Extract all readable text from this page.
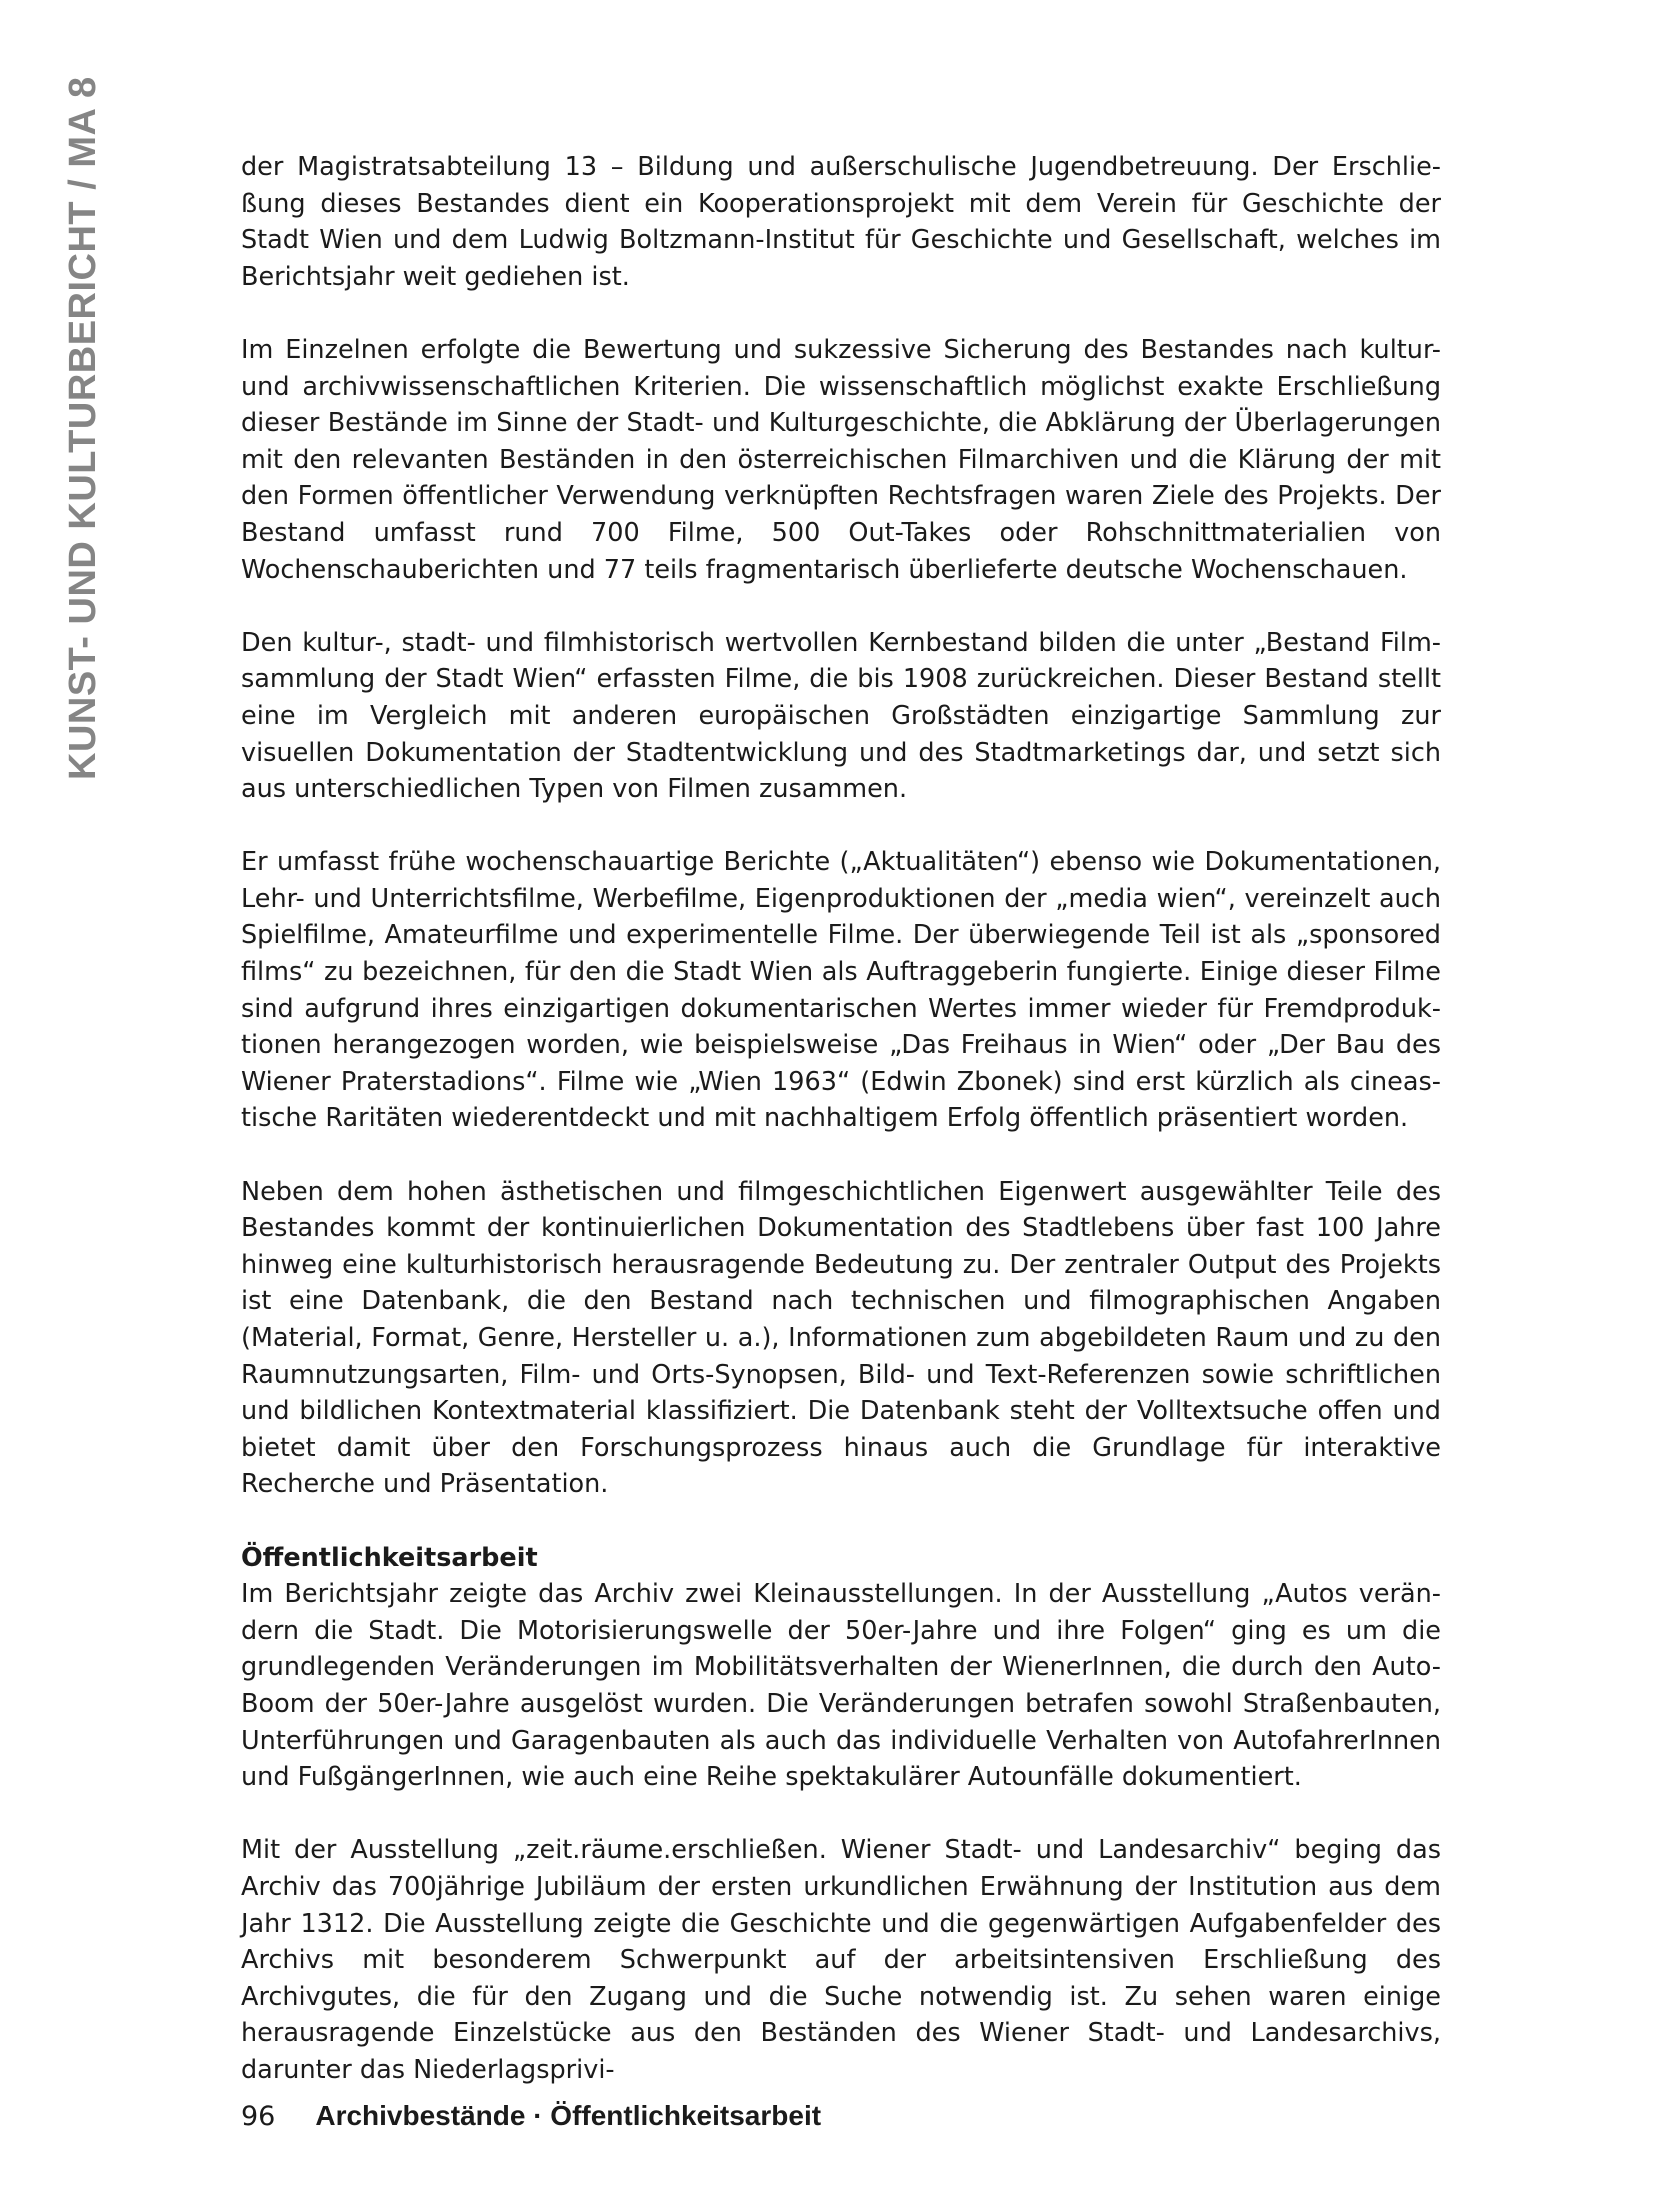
KUNST- UND KULTURBERICHT / MA 8	der Magistratsabteilung 13 – Bildung und außerschulische Jugendbetreuung. Der Erschließung dieses Bestandes dient ein Kooperationsprojekt mit dem Verein für Geschichte der Stadt Wien und dem Ludwig Boltzmann-Institut für Geschichte und Gesellschaft, welches im Berichtsjahr weit gediehen ist.

Im Einzelnen erfolgte die Bewertung und sukzessive Sicherung des Bestandes nach kultur- und archivwissenschaftlichen Kriterien. Die wissenschaftlich möglichst exakte Erschließung dieser Bestände im Sinne der Stadt- und Kulturgeschichte, die Abklärung der Überlagerungen mit den relevanten Beständen in den österreichischen Filmarchiven und die Klärung der mit den Formen öffentlicher Verwendung verknüpften Rechtsfragen waren Ziele des Projekts. Der Bestand umfasst rund 700 Filme, 500 Out-Takes oder Rohschnittmaterialien von Wochenschauberichten und 77 teils fragmentarisch überlieferte deutsche Wochenschauen.

Den kultur-, stadt- und filmhistorisch wertvollen Kernbestand bilden die unter „Bestand Filmsammlung der Stadt Wien“ erfassten Filme, die bis 1908 zurückreichen. Dieser Bestand stellt eine im Vergleich mit anderen europäischen Großstädten einzigartige Sammlung zur visuellen Dokumentation der Stadtentwicklung und des Stadtmarketings dar, und setzt sich aus unterschiedlichen Typen von Filmen zusammen.

Er umfasst frühe wochenschauartige Berichte („Aktualitäten“) ebenso wie Dokumentationen, Lehr- und Unterrichtsfilme, Werbefilme, Eigenproduktionen der „media wien“, vereinzelt auch Spielfilme, Amateurfilme und experimentelle Filme. Der überwiegende Teil ist als „sponsored films“ zu bezeichnen, für den die Stadt Wien als Auftraggeberin fungierte. Einige dieser Filme sind aufgrund ihres einzigartigen dokumentarischen Wertes immer wieder für Fremdproduktionen herangezogen worden, wie beispielsweise „Das Freihaus in Wien“ oder „Der Bau des Wiener Praterstadions“. Filme wie „Wien 1963“ (Edwin Zbonek) sind erst kürzlich als cineastische Raritäten wiederentdeckt und mit nachhaltigem Erfolg öffentlich präsentiert worden.

Neben dem hohen ästhetischen und filmgeschichtlichen Eigenwert ausgewählter Teile des Bestandes kommt der kontinuierlichen Dokumentation des Stadtlebens über fast 100 Jahre hinweg eine kulturhistorisch herausragende Bedeutung zu. Der zentraler Output des Projekts ist eine Datenbank, die den Bestand nach technischen und filmographischen Angaben (Material, Format, Genre, Hersteller u. a.), Informationen zum abgebildeten Raum und zu den Raumnutzungsarten, Film- und Orts-Synopsen, Bild- und Text-Referenzen sowie schriftlichen und bildlichen Kontextmaterial klassifiziert. Die Datenbank steht der Volltextsuche offen und bietet damit über den Forschungsprozess hinaus auch die Grundlage für interaktive Recherche und Präsentation.

Öffentlichkeitsarbeit

Im Berichtsjahr zeigte das Archiv zwei Kleinausstellungen. In der Ausstellung „Autos verändern die Stadt. Die Motorisierungswelle der 50er-Jahre und ihre Folgen“ ging es um die grundlegenden Veränderungen im Mobilitätsverhalten der WienerInnen, die durch den Auto-Boom der 50er-Jahre ausgelöst wurden. Die Veränderungen betrafen sowohl Straßenbauten, Unterführungen und Garagenbauten als auch das individuelle Verhalten von AutofahrerInnen und FußgängerInnen, wie auch eine Reihe spektakulärer Autounfälle dokumentiert.

Mit der Ausstellung „zeit.räume.erschließen. Wiener Stadt- und Landesarchiv“ beging das Archiv das 700jährige Jubiläum der ersten urkundlichen Erwähnung der Institution aus dem Jahr 1312. Die Ausstellung zeigte die Geschichte und die gegenwärtigen Aufgabenfelder des Archivs mit besonderem Schwerpunkt auf der arbeitsintensiven Erschließung des Archivgutes, die für den Zugang und die Suche notwendig ist. Zu sehen waren einige herausragende Einzelstücke aus den Beständen des Wiener Stadt- und Landesarchivs, darunter das Niederlagsprivi-

96 Archivbestände · Öffentlichkeitsarbeit
